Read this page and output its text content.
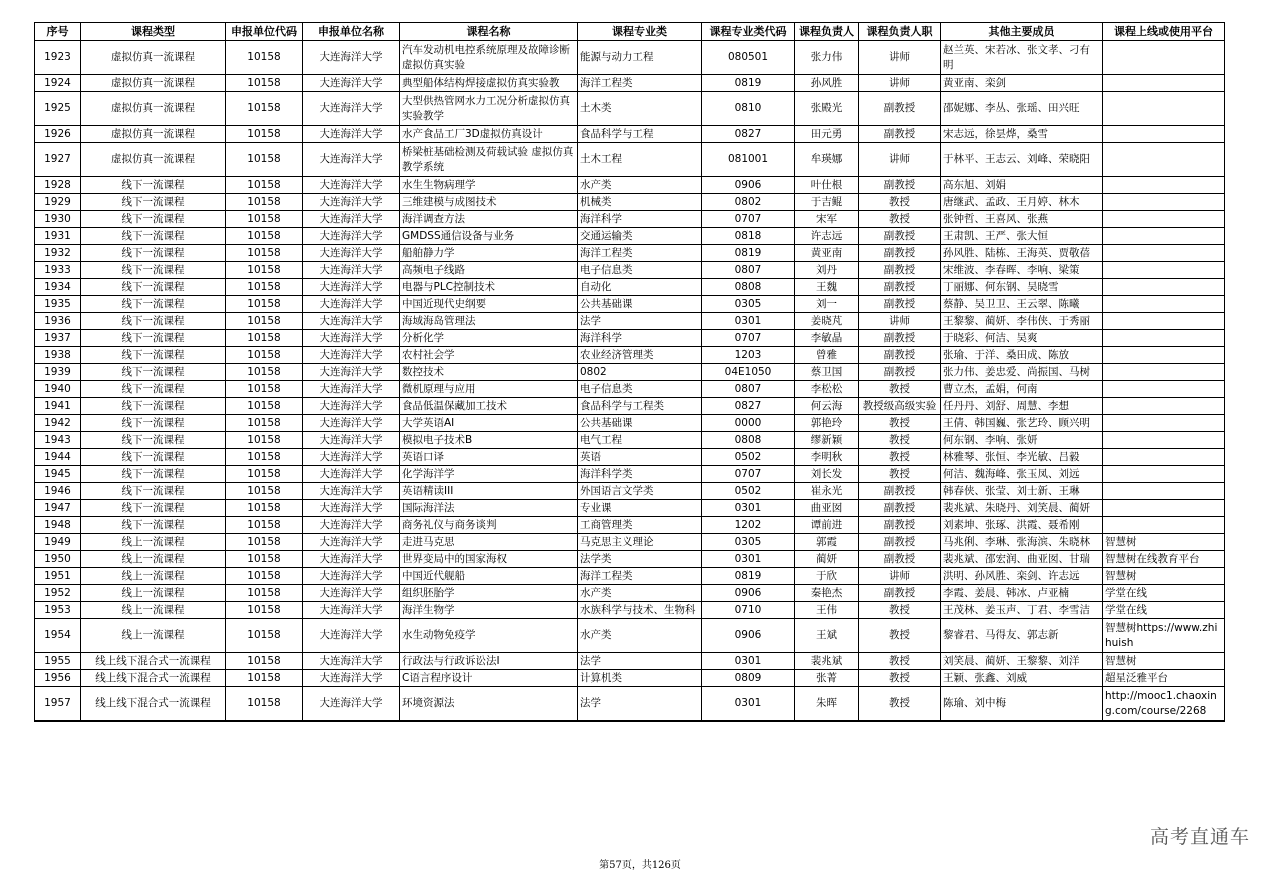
序号	课程类型	申报单位代码	申报单位名称	课程名称	课程专业类	课程专业类代码	课程负责人	课程负责人职	其他主要成员	课程上线或使用平台
1923	虚拟仿真一流课程	10158	大连海洋大学	汽车发动机电控系统原理及故障诊断虚拟仿真实验	能源与动力工程	080501	张力伟	讲师	赵兰英、宋若冰、张文孝、刁有明	
1924	虚拟仿真一流课程	10158	大连海洋大学	典型船体结构焊接虚拟仿真实验教	海洋工程类	0819	孙风胜	讲师	黄亚南、栾剑	
1925	虚拟仿真一流课程	10158	大连海洋大学	大型供热管网水力工况分析虚拟仿真实验教学	土木类	0810	张殿光	副教授	邵妮娜、李丛、张瑶、田兴旺	
1926	虚拟仿真一流课程	10158	大连海洋大学	水产食品工厂3D虚拟仿真设计	食品科学与工程	0827	田元勇	副教授	宋志远，徐昙烨，桑雪	
1927	虚拟仿真一流课程	10158	大连海洋大学	桥梁桩基础检测及荷载试验 虚拟仿真教学系统	土木工程	081001	牟瑛娜	讲师	于林平、王志云、刘峰、荣晓阳	
1928	线下一流课程	10158	大连海洋大学	水生生物病理学	水产类	0906	叶仕根	副教授	高东旭、刘娟	
1929	线下一流课程	10158	大连海洋大学	三维建模与成图技术	机械类	0802	于吉鲲	教授	唐继武、孟政、王月婷、林木	
1930	线下一流课程	10158	大连海洋大学	海洋调查方法	海洋科学	0707	宋军	教授	张钟哲、王喜风、张燕	
1931	线下一流课程	10158	大连海洋大学	GMDSS通信设备与业务	交通运输类	0818	许志远	副教授	王肃凯、王严、张大恒	
1932	线下一流课程	10158	大连海洋大学	船舶静力学	海洋工程类	0819	黄亚南	副教授	孙风胜、陆栋、王海英、贾敬蓓	
1933	线下一流课程	10158	大连海洋大学	高频电子线路	电子信息类	0807	刘丹	副教授	宋维波、李春晖、李响、梁策	
1934	线下一流课程	10158	大连海洋大学	电器与PLC控制技术	自动化	0808	王魏	副教授	丁丽娜、何东钢、吴晓雪	
1935	线下一流课程	10158	大连海洋大学	中国近现代史纲要	公共基础课	0305	刘一	副教授	蔡静、吴卫卫、王云翠、陈曦	
1936	线下一流课程	10158	大连海洋大学	海域海岛管理法	法学	0301	姜晓芃	讲师	王黎黎、蔺妍、李伟侠、于秀丽	
1937	线下一流课程	10158	大连海洋大学	分析化学	海洋科学	0707	李敏晶	副教授	于晓彩、何洁、吴爽	
1938	线下一流课程	10158	大连海洋大学	农村社会学	农业经济管理类	1203	曾雅	副教授	张瑜、于洋、桑田成、陈放	
1939	线下一流课程	10158	大连海洋大学	数控技术	0802	04E1050	蔡卫国	副教授	张力伟、姜忠爱、尚振国、马树	
1940	线下一流课程	10158	大连海洋大学	微机原理与应用	电子信息类	0807	李松松	教授	曹立杰，孟娟，何南	
1941	线下一流课程	10158	大连海洋大学	食品低温保藏加工技术	食品科学与工程类	0827	何云海	教授级高级实验	任丹丹、刘舒、周慧、李想	
1942	线下一流课程	10158	大连海洋大学	大学英语AⅠ	公共基础课	0000	郭艳玲	教授	王倩、韩国巍、张艺玲、顾兴明	
1943	线下一流课程	10158	大连海洋大学	模拟电子技术B	电气工程	0808	缪新颖	教授	何东钢、李响、张妍	
1944	线下一流课程	10158	大连海洋大学	英语口译	英语	0502	李明秋	教授	林雅琴、张恒、李光敏、吕毅	
1945	线下一流课程	10158	大连海洋大学	化学海洋学	海洋科学类	0707	刘长发	教授	何洁、魏海峰、张玉凤、刘远	
1946	线下一流课程	10158	大连海洋大学	英语精读III	外国语言文学类	0502	崔永光	副教授	韩春侠、张莹、刘士新、王琳	
1947	线下一流课程	10158	大连海洋大学	国际海洋法	专业课	0301	曲亚囡	副教授	裴兆斌、朱晓丹、刘笑晨、蔺妍	
1948	线下一流课程	10158	大连海洋大学	商务礼仪与商务谈判	工商管理类	1202	谭前进	副教授	刘素坤、张琢、洪霞、聂希刚	
1949	线上一流课程	10158	大连海洋大学	走进马克思	马克思主义理论	0305	郭霞	副教授	马兆俐、李琳、张海滨、朱晓林	智慧树
1950	线上一流课程	10158	大连海洋大学	世界变局中的国家海权	法学类	0301	蔺妍	副教授	裴兆斌、邵宏润、曲亚囡、甘瑞	智慧树在线教育平台
1951	线上一流课程	10158	大连海洋大学	中国近代舰船	海洋工程类	0819	于欣	讲师	洪明、孙风胜、栾剑、许志远	智慧树
1952	线上一流课程	10158	大连海洋大学	组织胚胎学	水产类	0906	秦艳杰	副教授	李霞、姜晨、韩冰、卢亚楠	学堂在线
1953	线上一流课程	10158	大连海洋大学	海洋生物学	水族科学与技术、生物科	0710	王伟	教授	王茂林、姜玉声、丁君、李雪洁	学堂在线
1954	线上一流课程	10158	大连海洋大学	水生动物免疫学	水产类	0906	王斌	教授	黎睿君、马得友、郭志新	智慧树https://www.zhihuish
1955	线上线下混合式一流课程	10158	大连海洋大学	行政法与行政诉讼法Ⅰ	法学	0301	裴兆斌	教授	刘笑晨、蔺妍、王黎黎、刘洋	智慧树
1956	线上线下混合式一流课程	10158	大连海洋大学	C语言程序设计	计算机类	0809	张菁	教授	王颖、张鑫、刘威	超星泛雅平台
1957	线上线下混合式一流课程	10158	大连海洋大学	环境资源法	法学	0301	朱晖	教授	陈瑜、刘中梅	http://mooc1.chaoxing.com/course/2268
第57页，共126页
高考直通车
